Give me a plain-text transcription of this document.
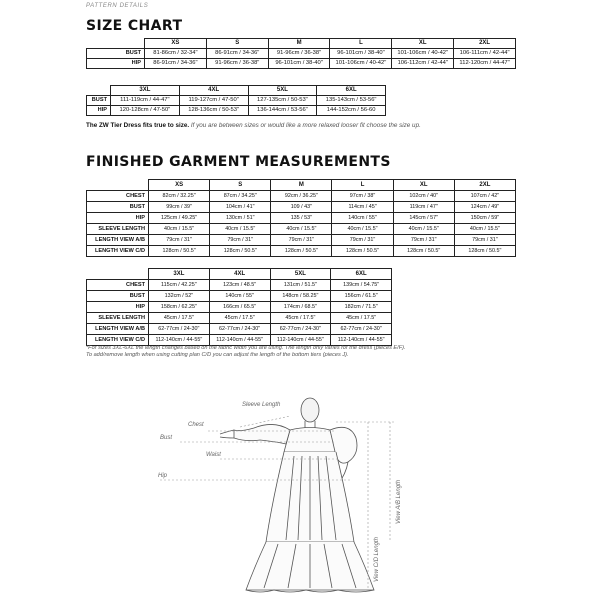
PATTERN DETAILS
SIZE CHART
	XS	S	M	L	XL	2XL
BUST	81-86cm / 32-34"	86-91cm / 34-36"	91-96cm / 36-38"	96-101cm / 38-40"	101-106cm / 40-42"	106-111cm / 42-44"
HIP	86-91cm / 34-36"	91-96cm / 36-38"	96-101cm / 38-40"	101-106cm / 40-42"	106-112cm / 42-44"	112-120cm / 44-47"
	3XL	4XL	5XL	6XL
BUST	111-119cm / 44-47"	119-127cm / 47-50"	127-135cm / 50-53"	135-143cm / 53-56"
HIP	120-128cm / 47-50"	128-136cm / 50-53"	136-144cm / 53-56"	144-152cm / 56-60
The ZW Tier Dress fits true to size. If you are between sizes or would like a more relaxed looser fit choose the size up.
FINISHED GARMENT MEASUREMENTS
	XS	S	M	L	XL	2XL
CHEST	82cm / 32.25"	87cm / 34.25"	92cm / 36.25"	97cm / 38"	102cm / 40"	107cm / 42"
BUST	99cm / 39"	104cm / 41"	109 / 43"	114cm / 45"	119cm / 47"	124cm / 49"
HIP	125cm / 49.25"	130cm / 51"	135 / 53"	140cm / 55"	145cm / 57"	150cm / 59"
SLEEVE LENGTH	40cm / 15.5"	40cm / 15.5"	40cm / 15.5"	40cm / 15.5"	40cm / 15.5"	40cm / 15.5"
LENGTH VIEW A/B	79cm / 31"	79cm / 31"	79cm / 31"	79cm / 31"	79cm / 31"	79cm / 31"
LENGTH VIEW C/D	128cm / 50.5"	128cm / 50.5"	128cm / 50.5"	128cm / 50.5"	128cm / 50.5"	128cm / 50.5"
	3XL	4XL	5XL	6XL
CHEST	115cm / 42.25"	123cm / 48.5"	131cm / 51.5"	139cm / 54.75"
BUST	132cm / 52"	140cm / 55"	148cm / 58.25"	156cm / 61.5"
HIP	158cm / 62.25"	166cm / 65.5"	174cm / 68.5"	182cm / 71.5"
SLEEVE LENGTH	45cm / 17.5"	45cm / 17.5"	45cm / 17.5"	45cm / 17.5"
LENGTH VIEW A/B	62-77cm / 24-30"	62-77cm / 24-30"	62-77cm / 24-30"	62-77cm / 24-30"
LENGTH VIEW C/D	112-140cm / 44-55"	112-140cm / 44-55"	112-140cm / 44-55"	112-140cm / 44-55"
*For sizes 3XL-6XL the length changes based on the fabric width you are using. The length only varies for the dress (pieces E/F).
To add/remove length when using cutting plan C/D you can adjust the length of the bottom tiers (pieces J).
Sleeve Length
Chest
Bust
Waist
Hip
View A/B Length
View C/D Length
